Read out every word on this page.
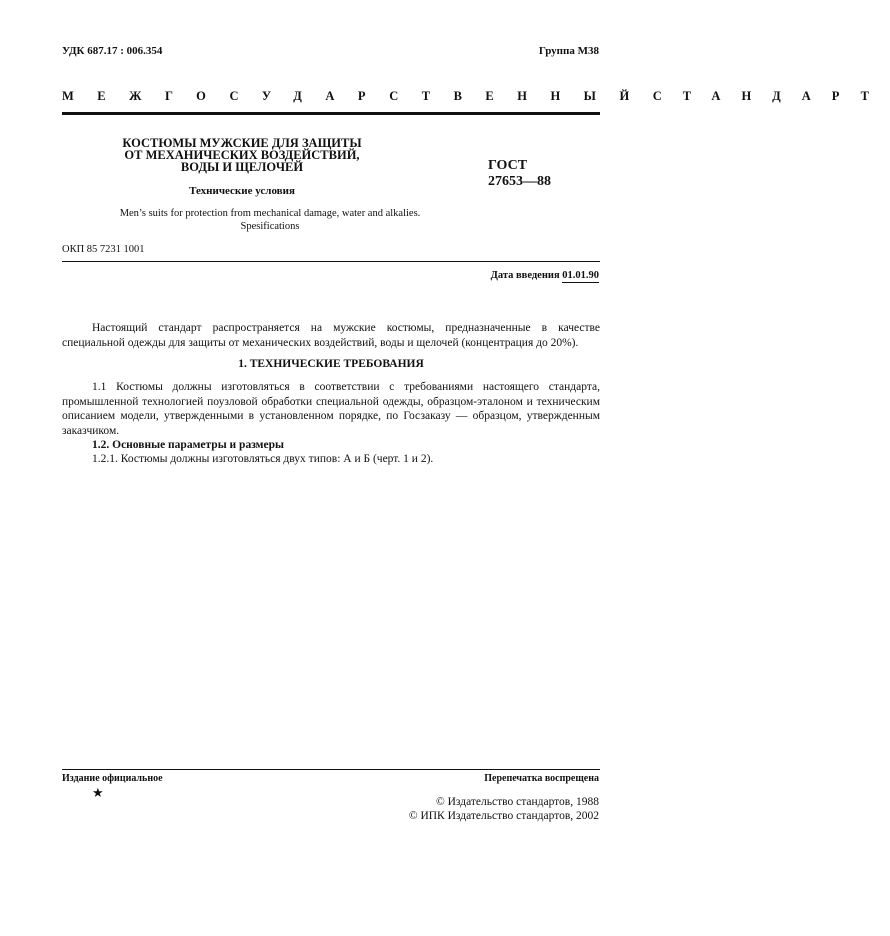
УДК 687.17 : 006.354	Группа М38
МЕЖГОСУДАРСТВЕННЫЙ СТАНДАРТ
КОСТЮМЫ МУЖСКИЕ ДЛЯ ЗАЩИТЫ
ОТ МЕХАНИЧЕСКИХ ВОЗДЕЙСТВИЙ,
ВОДЫ И ЩЕЛОЧЕЙ
Технические условия
ГОСТ
27653—88
Men’s suits for protection from mechanical damage, water and alkalies.
Spesifications
ОКП 85 7231 1001
Дата введения 01.01.90
Настоящий стандарт распространяется на мужские костюмы, предназначенные в качестве специальной одежды для защиты от механических воздействий, воды и щелочей (концентрация до 20%).
1. ТЕХНИЧЕСКИЕ ТРЕБОВАНИЯ
1.1 Костюмы должны изготовляться в соответствии с требованиями настоящего стандарта, промышленной технологией поузловой обработки специальной одежды, образцом-эталоном и техническим описанием модели, утвержденными в установленном порядке, по Госзаказу — образцом, утвержденным заказчиком.
1.2. Основные параметры и размеры
1.2.1. Костюмы должны изготовляться двух типов: А и Б (черт. 1 и 2).
Издание официальное	Перепечатка воспрещена
★
© Издательство стандартов, 1988
© ИПК Издательство стандартов, 2002
